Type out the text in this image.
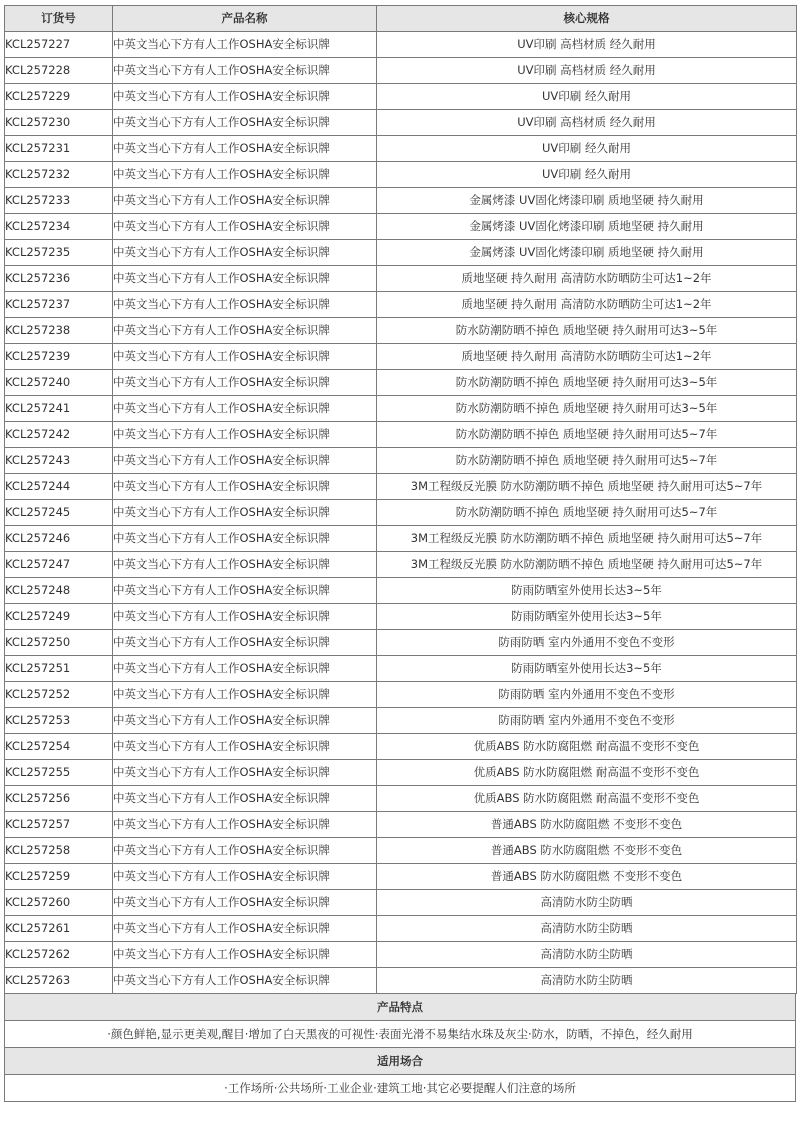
订货号	产品名称	核心规格
KCL257227	中英文当心下方有人工作OSHA安全标识牌	UV印刷 高档材质 经久耐用
KCL257228	中英文当心下方有人工作OSHA安全标识牌	UV印刷 高档材质 经久耐用
KCL257229	中英文当心下方有人工作OSHA安全标识牌	UV印刷 经久耐用
KCL257230	中英文当心下方有人工作OSHA安全标识牌	UV印刷 高档材质 经久耐用
KCL257231	中英文当心下方有人工作OSHA安全标识牌	UV印刷 经久耐用
KCL257232	中英文当心下方有人工作OSHA安全标识牌	UV印刷 经久耐用
KCL257233	中英文当心下方有人工作OSHA安全标识牌	金属烤漆 UV固化烤漆印刷 质地坚硬 持久耐用
KCL257234	中英文当心下方有人工作OSHA安全标识牌	金属烤漆 UV固化烤漆印刷 质地坚硬 持久耐用
KCL257235	中英文当心下方有人工作OSHA安全标识牌	金属烤漆 UV固化烤漆印刷 质地坚硬 持久耐用
KCL257236	中英文当心下方有人工作OSHA安全标识牌	质地坚硬 持久耐用 高清防水防晒防尘可达1~2年
KCL257237	中英文当心下方有人工作OSHA安全标识牌	质地坚硬 持久耐用 高清防水防晒防尘可达1~2年
KCL257238	中英文当心下方有人工作OSHA安全标识牌	防水防潮防晒不掉色 质地坚硬 持久耐用可达3~5年
KCL257239	中英文当心下方有人工作OSHA安全标识牌	质地坚硬 持久耐用 高清防水防晒防尘可达1~2年
KCL257240	中英文当心下方有人工作OSHA安全标识牌	防水防潮防晒不掉色 质地坚硬 持久耐用可达3~5年
KCL257241	中英文当心下方有人工作OSHA安全标识牌	防水防潮防晒不掉色 质地坚硬 持久耐用可达3~5年
KCL257242	中英文当心下方有人工作OSHA安全标识牌	防水防潮防晒不掉色 质地坚硬 持久耐用可达5~7年
KCL257243	中英文当心下方有人工作OSHA安全标识牌	防水防潮防晒不掉色 质地坚硬 持久耐用可达5~7年
KCL257244	中英文当心下方有人工作OSHA安全标识牌	3M工程级反光膜 防水防潮防晒不掉色 质地坚硬 持久耐用可达5~7年
KCL257245	中英文当心下方有人工作OSHA安全标识牌	防水防潮防晒不掉色 质地坚硬 持久耐用可达5~7年
KCL257246	中英文当心下方有人工作OSHA安全标识牌	3M工程级反光膜 防水防潮防晒不掉色 质地坚硬 持久耐用可达5~7年
KCL257247	中英文当心下方有人工作OSHA安全标识牌	3M工程级反光膜 防水防潮防晒不掉色 质地坚硬 持久耐用可达5~7年
KCL257248	中英文当心下方有人工作OSHA安全标识牌	防雨防晒室外使用长达3~5年
KCL257249	中英文当心下方有人工作OSHA安全标识牌	防雨防晒室外使用长达3~5年
KCL257250	中英文当心下方有人工作OSHA安全标识牌	防雨防晒 室内外通用不变色不变形
KCL257251	中英文当心下方有人工作OSHA安全标识牌	防雨防晒室外使用长达3~5年
KCL257252	中英文当心下方有人工作OSHA安全标识牌	防雨防晒 室内外通用不变色不变形
KCL257253	中英文当心下方有人工作OSHA安全标识牌	防雨防晒 室内外通用不变色不变形
KCL257254	中英文当心下方有人工作OSHA安全标识牌	优质ABS 防水防腐阻燃 耐高温不变形不变色
KCL257255	中英文当心下方有人工作OSHA安全标识牌	优质ABS 防水防腐阻燃 耐高温不变形不变色
KCL257256	中英文当心下方有人工作OSHA安全标识牌	优质ABS 防水防腐阻燃 耐高温不变形不变色
KCL257257	中英文当心下方有人工作OSHA安全标识牌	普通ABS 防水防腐阻燃 不变形不变色
KCL257258	中英文当心下方有人工作OSHA安全标识牌	普通ABS 防水防腐阻燃 不变形不变色
KCL257259	中英文当心下方有人工作OSHA安全标识牌	普通ABS 防水防腐阻燃 不变形不变色
KCL257260	中英文当心下方有人工作OSHA安全标识牌	高清防水防尘防晒
KCL257261	中英文当心下方有人工作OSHA安全标识牌	高清防水防尘防晒
KCL257262	中英文当心下方有人工作OSHA安全标识牌	高清防水防尘防晒
KCL257263	中英文当心下方有人工作OSHA安全标识牌	高清防水防尘防晒
产品特点
·颜色鲜艳,显示更美观,醒目·增加了白天黑夜的可视性·表面光滑不易集结水珠及灰尘·防水，防晒，不掉色，经久耐用
适用场合
·工作场所·公共场所·工业企业·建筑工地·其它必要提醒人们注意的场所
